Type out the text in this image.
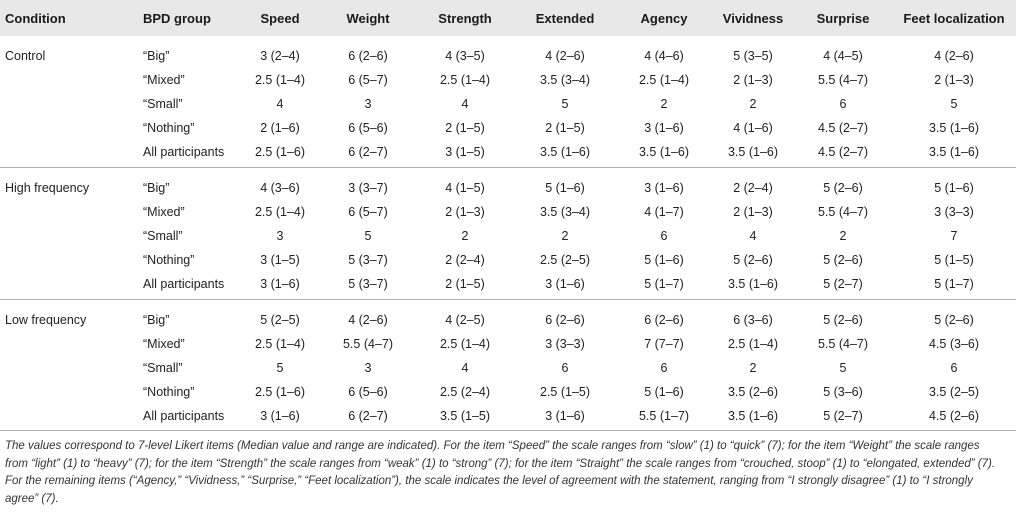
Condition	BPD group	Speed	Weight	Strength	Extended	Agency	Vividness	Surprise	Feet localization
Control	“Big”	3 (2–4)	6 (2–6)	4 (3–5)	4 (2–6)	4 (4–6)	5 (3–5)	4 (4–5)	4 (2–6)
“Mixed”	2.5 (1–4)	6 (5–7)	2.5 (1–4)	3.5 (3–4)	2.5 (1–4)	2 (1–3)	5.5 (4–7)	2 (1–3)
“Small”	4	3	4	5	2	2	6	5
“Nothing”	2 (1–6)	6 (5–6)	2 (1–5)	2 (1–5)	3 (1–6)	4 (1–6)	4.5 (2–7)	3.5 (1–6)
All participants 2.5 (1–6)	6 (2–7)	3 (1–5)	3.5 (1–6)	3.5 (1–6)	3.5 (1–6)	4.5 (2–7)	3.5 (1–6)
High frequency	“Big”	4 (3–6)	3 (3–7)	4 (1–5)	5 (1–6)	3 (1–6)	2 (2–4)	5 (2–6)	5 (1–6)
“Mixed”	2.5 (1–4)	6 (5–7)	2 (1–3)	3.5 (3–4)	4 (1–7)	2 (1–3)	5.5 (4–7)	3 (3–3)
“Small”	3	5	2	2	6	4	2	7
“Nothing”	3 (1–5)	5 (3–7)	2 (2–4)	2.5 (2–5)	5 (1–6)	5 (2–6)	5 (2–6)	5 (1–5)
All participants	3 (1–6)	5 (3–7)	2 (1–5)	3 (1–6)	5 (1–7)	3.5 (1–6)	5 (2–7)	5 (1–7)
Low frequency	“Big”	5 (2–5)	4 (2–6)	4 (2–5)	6 (2–6)	6 (2–6)	6 (3–6)	5 (2–6)	5 (2–6)
“Mixed”	2.5 (1–4)	5.5 (4–7)	2.5 (1–4)	3 (3–3)	7 (7–7)	2.5 (1–4)	5.5 (4–7)	4.5 (3–6)
“Small”	5	3	4	6	6	2	5	6
“Nothing”	2.5 (1–6)	6 (5–6)	2.5 (2–4)	2.5 (1–5)	5 (1–6)	3.5 (2–6)	5 (3–6)	3.5 (2–5)
All participants	3 (1–6)	6 (2–7)	3.5 (1–5)	3 (1–6)	5.5 (1–7)	3.5 (1–6)	5 (2–7)	4.5 (2–6)
The values correspond to 7-level Likert items (Median value and range are indicated). For the item “Speed” the scale ranges from “slow” (1) to “quick” (7); for the item “Weight” the scale ranges from “light” (1) to “heavy” (7); for the item “Strength” the scale ranges from “weak” (1) to “strong” (7); for the item “Straight” the scale ranges from “crouched, stoop” (1) to “elongated, extended” (7). For the remaining items (“Agency,” “Vividness,” “Surprise,” “Feet localization”), the scale indicates the level of agreement with the statement, ranging from “I strongly disagree” (1) to “I strongly agree” (7).
